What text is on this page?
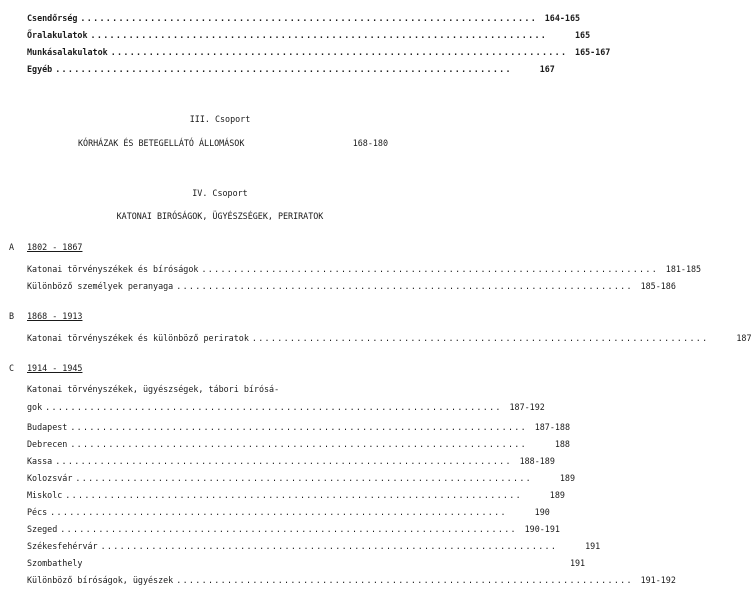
Csendőrség ........................................................................ 164-165
Őralakulatok ........................................................................	165
Munkásalakulatok ........................................................................ 165-167
Egyéb ........................................................................	167
III. Csoport
KÓRHÁZAK ÉS BETEGELLÁTÓ ÁLLOMÁSOK	168-180
IV. Csoport
KATONAI BIRÓSÁGOK, ÜGYÉSZSÉGEK, PERIRATOK
A 1802 - 1867
Katonai törvényszékek és bíróságok ........................................................................ 181-185
Különböző személyek peranyaga ........................................................................ 185-186
B 1868 - 1913
Katonai törvényszékek és különböző periratok ........................................................................	187
C 1914 - 1945
Katonai törvényszékek, ügyészségek, tábori bírósá-
gok ........................................................................ 187-192
Budapest ........................................................................ 187-188
Debrecen ........................................................................	188
Kassa ........................................................................ 188-189
Kolozsvár ........................................................................	189
Miskolc ........................................................................	189
Pécs ........................................................................	190
Szeged ........................................................................ 190-191
Székesfehérvár ........................................................................	191
Szombathely	191
Különböző bíróságok, ügyészek ........................................................................ 191-192
